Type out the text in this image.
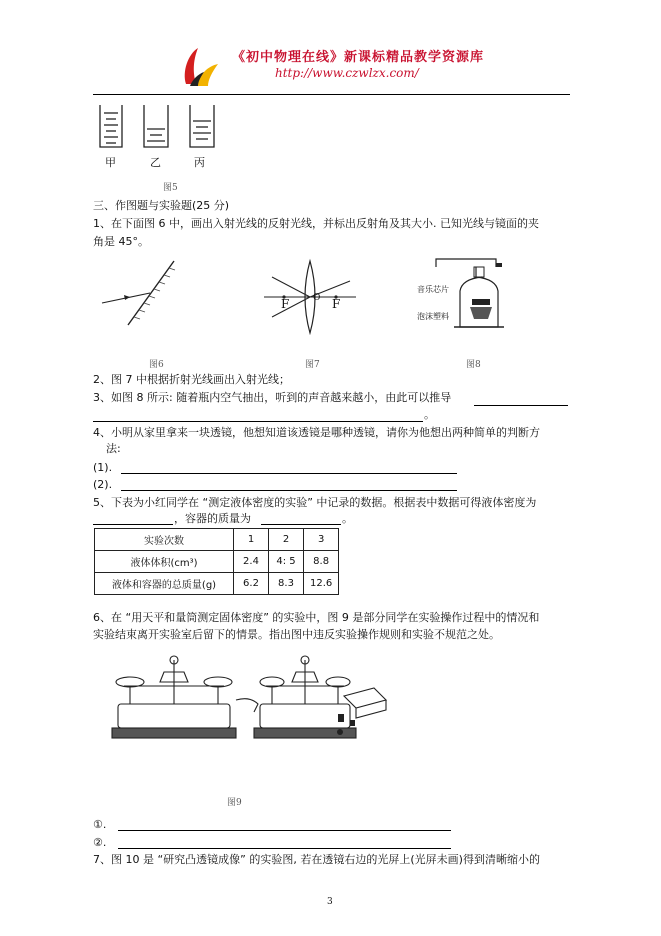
《初中物理在线》新课标精品教学资源库
http://www.czwlzx.com/
甲	乙	丙
图5
三、作图题与实验题(25 分)
1、在下面图 6 中，画出入射光线的反射光线，并标出反射角及其大小. 已知光线与镜面的夹
角是 45°。
图6
F	O F
图7
音乐芯片
泡沫塑料
图8
2、图 7 中根据折射光线画出入射光线；
3、如图 8 所示: 随着瓶内空气抽出，听到的声音越来越小，由此可以推导
。
4、小明从家里拿来一块透镜，他想知道该透镜是哪种透镜，请你为他想出两种简单的判断方
法:
(1).
(2).
5、下表为小红同学在 “测定液体密度的实验” 中记录的数据。根据表中数据可得液体密度为
，容器的质量为	。
实验次数	1	2	3
液体体积(cm³)	2.4	4: 5	8.8
液体和容器的总质量(g)	6.2	8.3	12.6
6、在 “用天平和量筒测定固体密度” 的实验中，图 9 是部分同学在实验操作过程中的情况和
实验结束离开实验室后留下的情景。指出图中违反实验操作规则和实验不规范之处。
图9
①.
②.
7、图 10 是 “研究凸透镜成像” 的实验图, 若在透镜右边的光屏上(光屏未画)得到清晰缩小的
3
